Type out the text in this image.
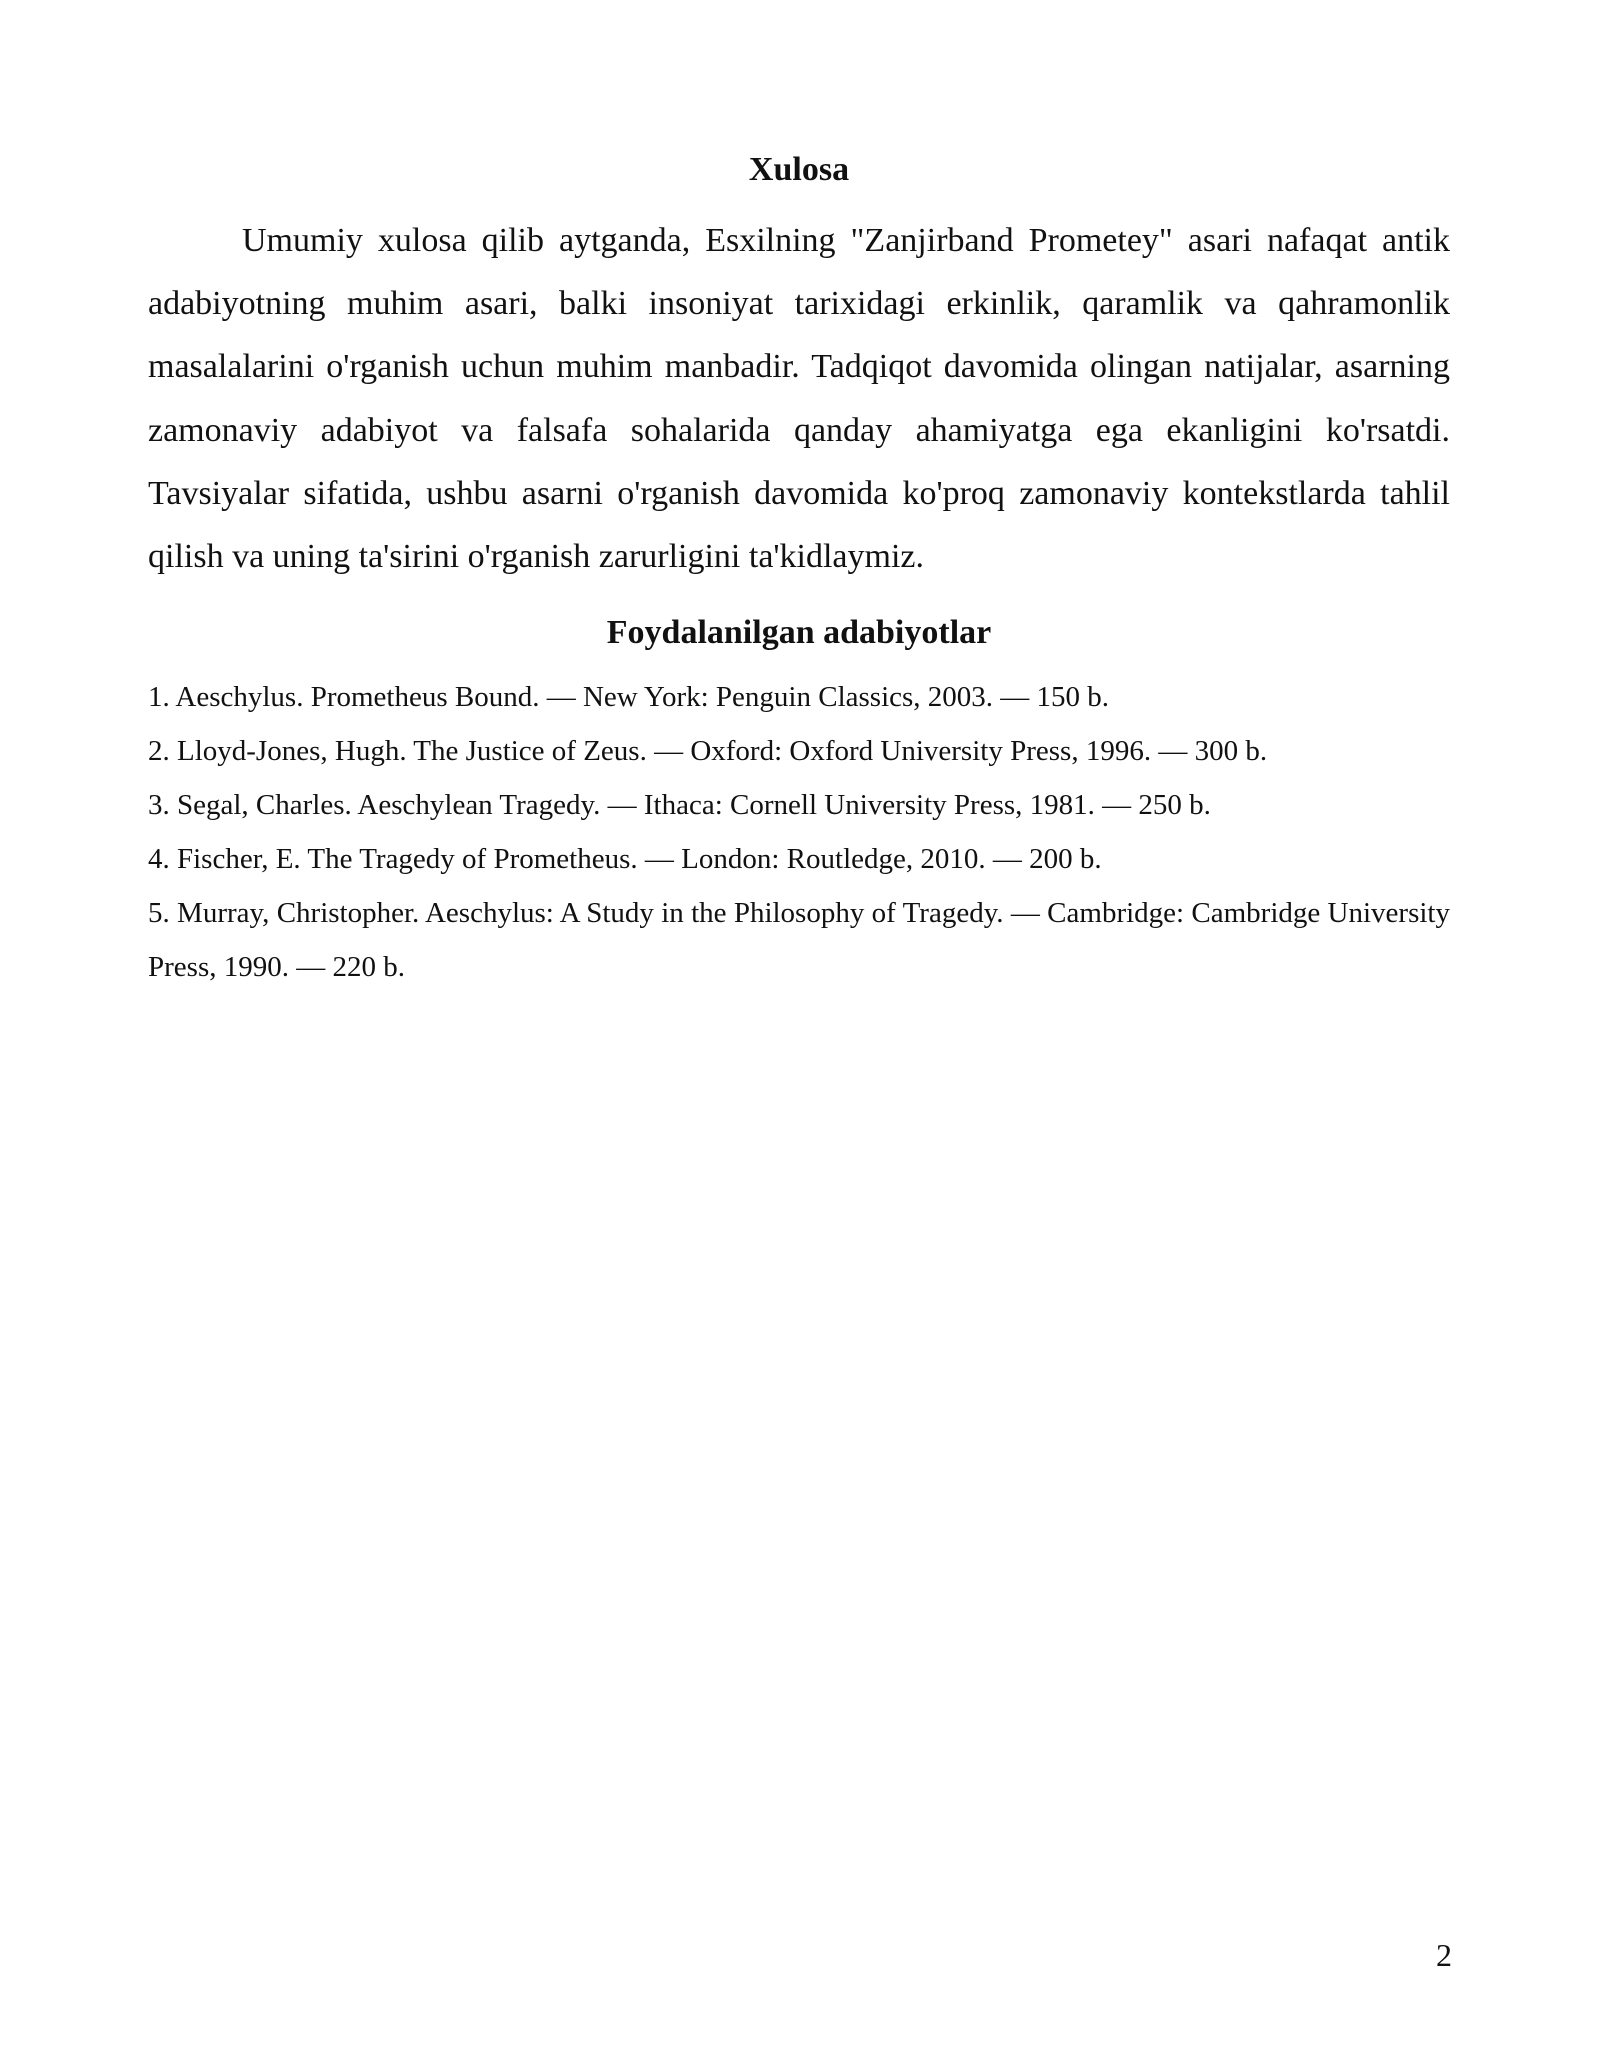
Xulosa

Umumiy xulosa qilib aytganda, Esxilning "Zanjirband Prometey" asari nafaqat antik adabiyotning muhim asari, balki insoniyat tarixidagi erkinlik, qaramlik va qahramonlik masalalarini o'rganish uchun muhim manbadir. Tadqiqot davomida olingan natijalar, asarning zamonaviy adabiyot va falsafa sohalarida qanday ahamiyatga ega ekanligini ko'rsatdi. Tavsiyalar sifatida, ushbu asarni o'rganish davomida ko'proq zamonaviy kontekstlarda tahlil qilish va uning ta'sirini o'rganish zarurligini ta'kidlaymiz.

Foydalanilgan adabiyotlar
1. Aeschylus. Prometheus Bound. — New York: Penguin Classics, 2003. — 150 b.
2. Lloyd-Jones, Hugh. The Justice of Zeus. — Oxford: Oxford University Press, 1996. — 300 b.
3. Segal, Charles. Aeschylean Tragedy. — Ithaca: Cornell University Press, 1981. — 250 b.
4. Fischer, E. The Tragedy of Prometheus. — London: Routledge, 2010. — 200 b.
5. Murray, Christopher. Aeschylus: A Study in the Philosophy of Tragedy. — Cambridge: Cambridge University Press, 1990. — 220 b.
2
